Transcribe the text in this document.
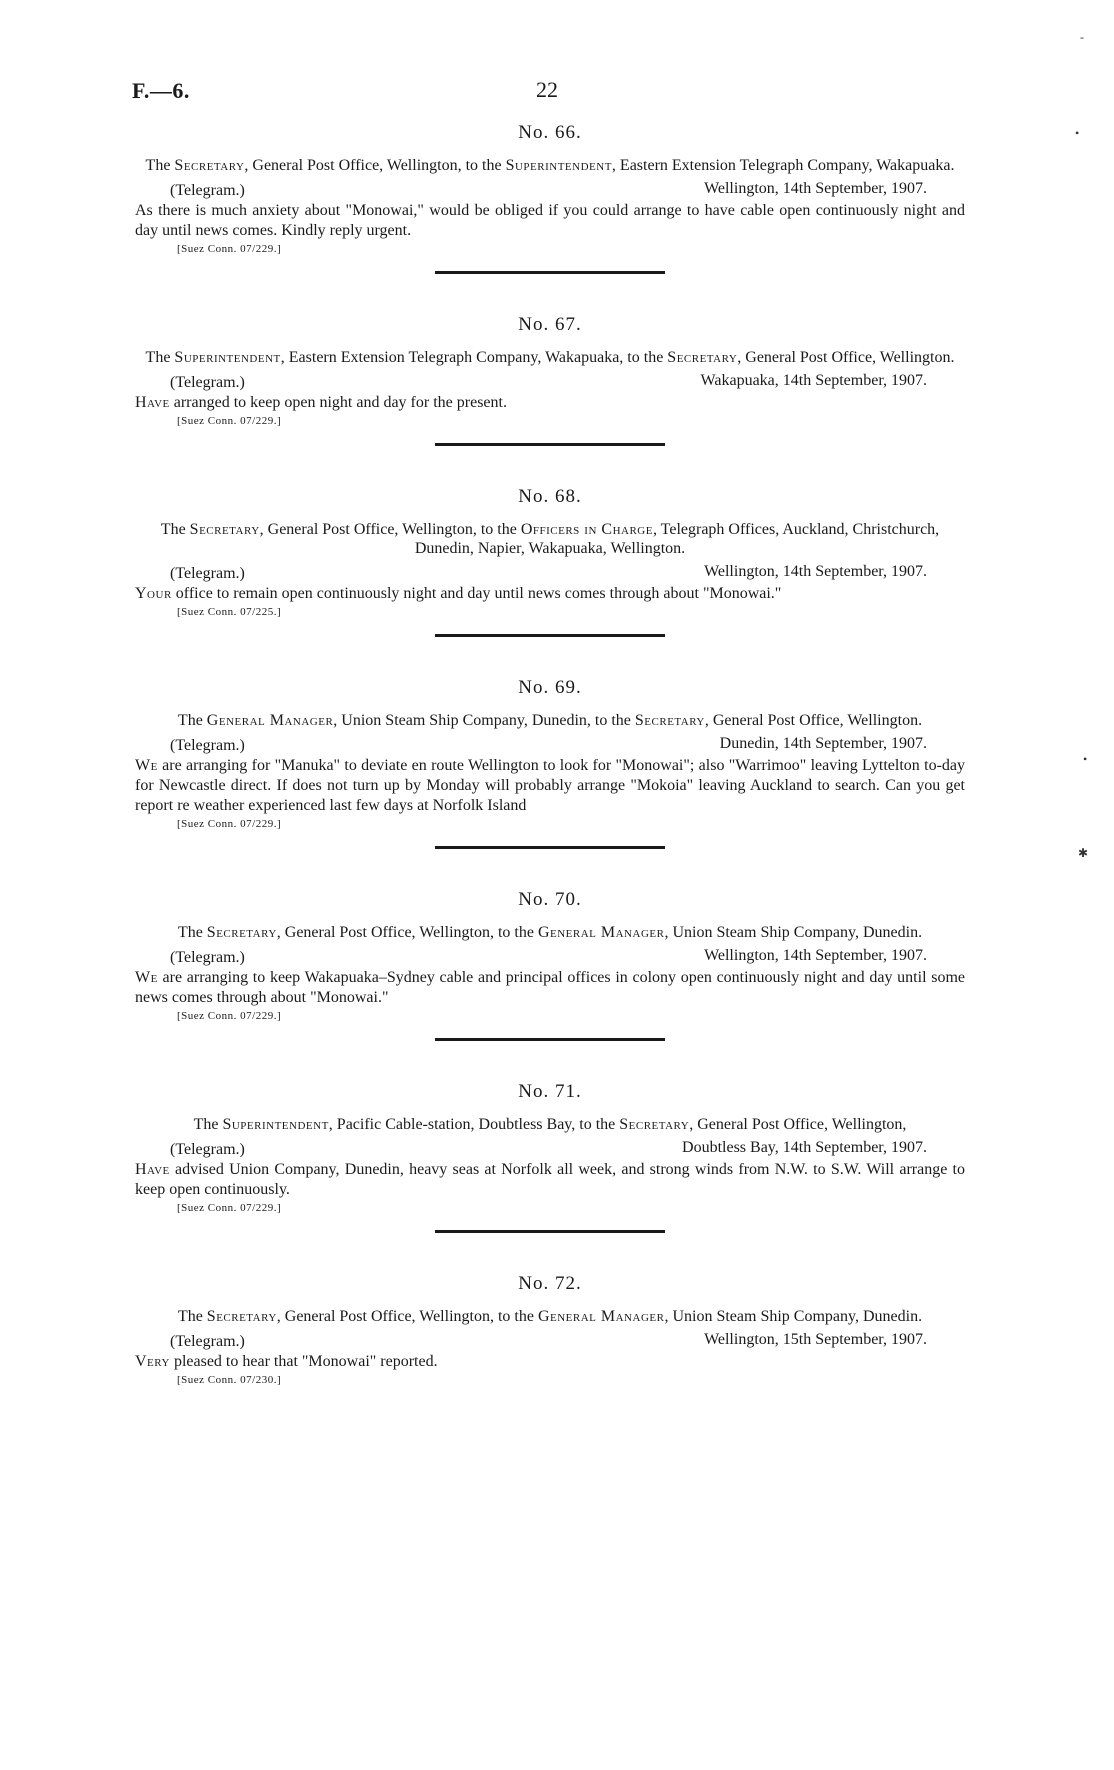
F.—6.	22
-
•
•
✱
No. 66.
The Secretary, General Post Office, Wellington, to the Superintendent, Eastern Extension Telegraph Company, Wakapuaka.
(Telegram.)	Wellington, 14th September, 1907.

As there is much anxiety about "Monowai," would be obliged if you could arrange to have cable open continuously night and day until news comes. Kindly reply urgent.

[Suez Conn. 07/229.]
No. 67.
The Superintendent, Eastern Extension Telegraph Company, Wakapuaka, to the Secretary, General Post Office, Wellington.
(Telegram.)	Wakapuaka, 14th September, 1907.

Have arranged to keep open night and day for the present.

[Suez Conn. 07/229.]
No. 68.
The Secretary, General Post Office, Wellington, to the Officers in Charge, Telegraph Offices, Auckland, Christchurch, Dunedin, Napier, Wakapuaka, Wellington.
(Telegram.)	Wellington, 14th September, 1907.

Your office to remain open continuously night and day until news comes through about "Monowai."

[Suez Conn. 07/225.]
No. 69.
The General Manager, Union Steam Ship Company, Dunedin, to the Secretary, General Post Office, Wellington.
(Telegram.)	Dunedin, 14th September, 1907.

We are arranging for "Manuka" to deviate en route Wellington to look for "Monowai"; also "Warrimoo" leaving Lyttelton to-day for Newcastle direct. If does not turn up by Monday will probably arrange "Mokoia" leaving Auckland to search. Can you get report re weather experienced last few days at Norfolk Island

[Suez Conn. 07/229.]
No. 70.
The Secretary, General Post Office, Wellington, to the General Manager, Union Steam Ship Company, Dunedin.
(Telegram.)	Wellington, 14th September, 1907.

We are arranging to keep Wakapuaka–Sydney cable and principal offices in colony open continuously night and day until some news comes through about "Monowai."

[Suez Conn. 07/229.]
No. 71.
The Superintendent, Pacific Cable-station, Doubtless Bay, to the Secretary, General Post Office, Wellington,
(Telegram.)	Doubtless Bay, 14th September, 1907.

Have advised Union Company, Dunedin, heavy seas at Norfolk all week, and strong winds from N.W. to S.W. Will arrange to keep open continuously.

[Suez Conn. 07/229.]
No. 72.
The Secretary, General Post Office, Wellington, to the General Manager, Union Steam Ship Company, Dunedin.
(Telegram.)	Wellington, 15th September, 1907.

Very pleased to hear that "Monowai" reported.

[Suez Conn. 07/230.]
